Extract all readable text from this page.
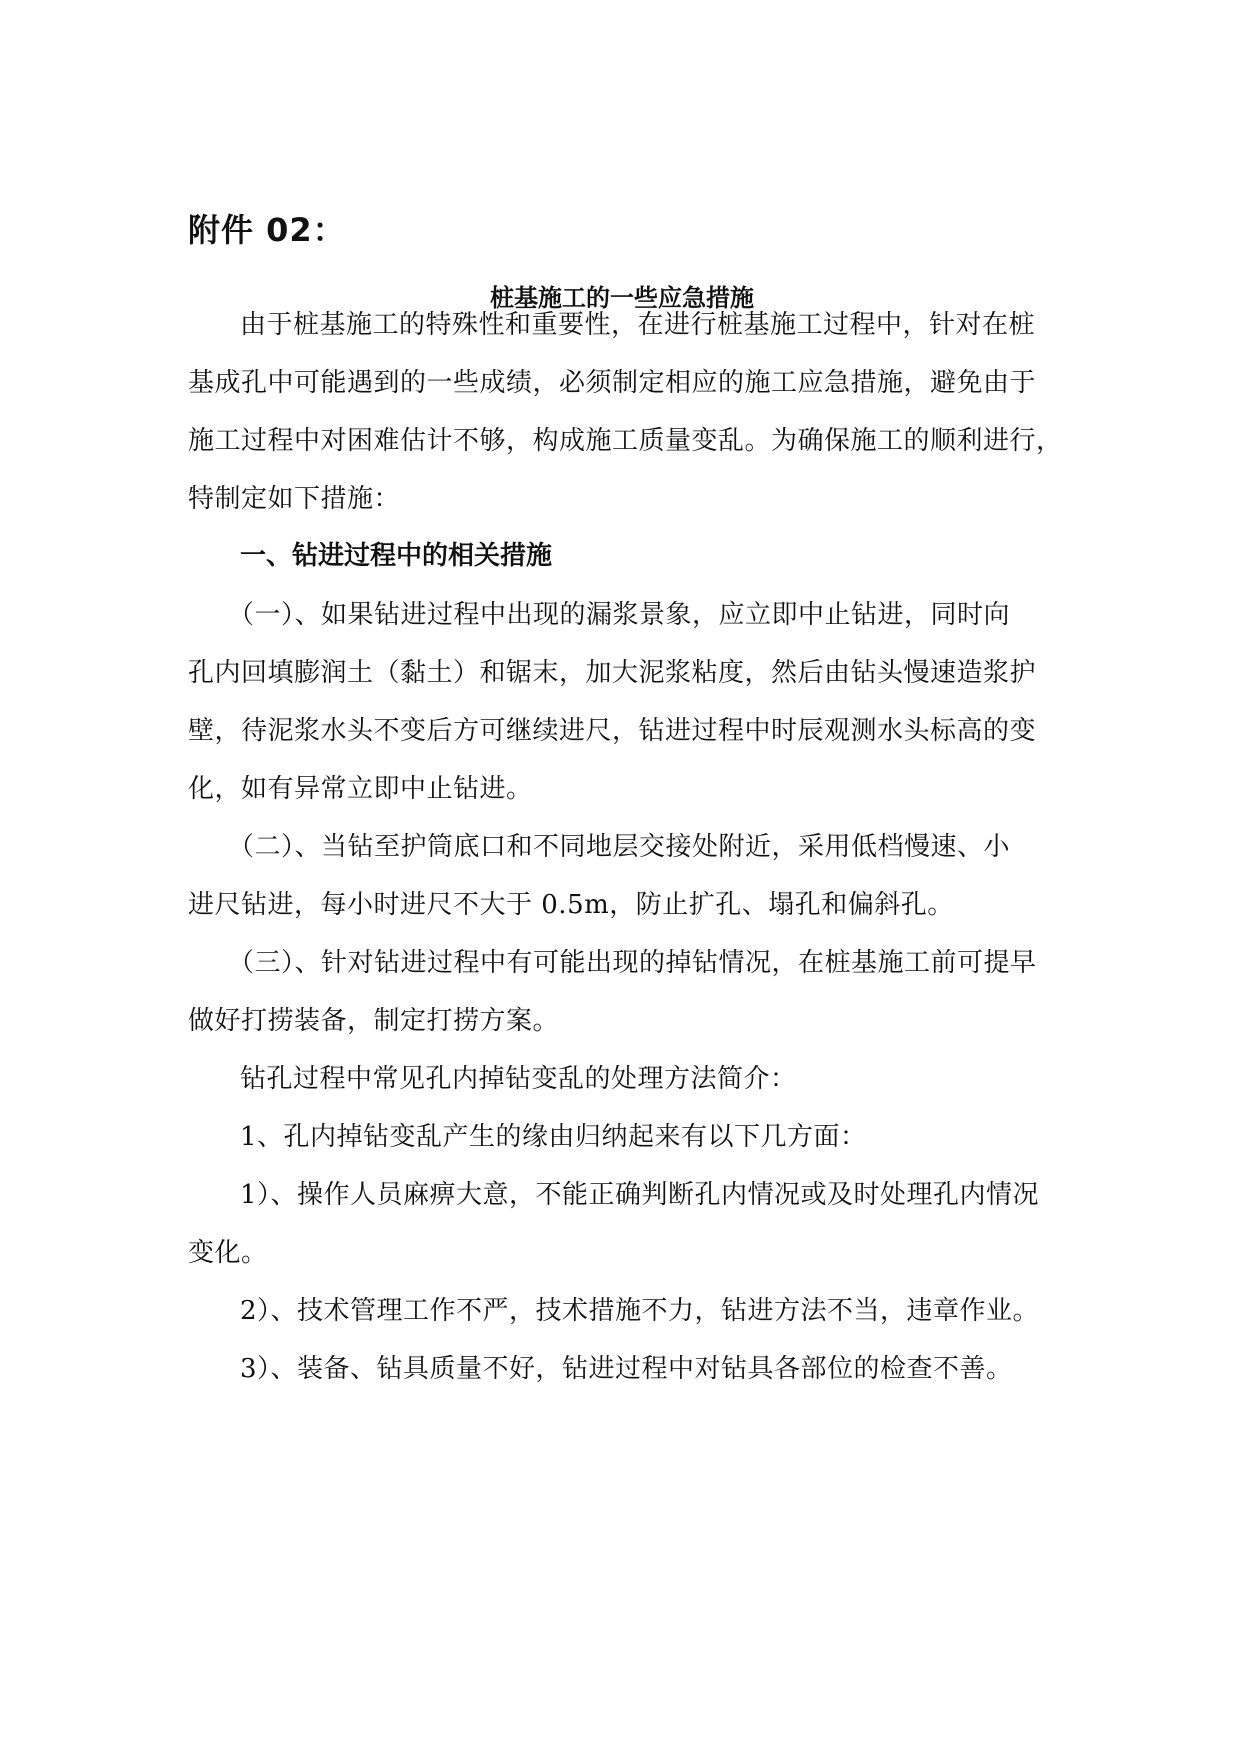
附件 02：
桩基施工的一些应急措施
由于桩基施工的特殊性和重要性，在进行桩基施工过程中，针对在桩
基成孔中可能遇到的一些成绩，必须制定相应的施工应急措施，避免由于
施工过程中对困难估计不够，构成施工质量变乱。为确保施工的顺利进行，
特制定如下措施：
一、钻进过程中的相关措施
（一）、如果钻进过程中出现的漏浆景象，应立即中止钻进，同时向
孔内回填膨润土（黏土）和锯末，加大泥浆粘度，然后由钻头慢速造浆护
壁，待泥浆水头不变后方可继续进尺，钻进过程中时辰观测水头标高的变
化，如有异常立即中止钻进。
（二）、当钻至护筒底口和不同地层交接处附近，采用低档慢速、小
进尺钻进，每小时进尺不大于 0.5m，防止扩孔、塌孔和偏斜孔。
（三）、针对钻进过程中有可能出现的掉钻情况，在桩基施工前可提早
做好打捞装备，制定打捞方案。
钻孔过程中常见孔内掉钻变乱的处理方法简介：
1、孔内掉钻变乱产生的缘由归纳起来有以下几方面：
1）、操作人员麻痹大意，不能正确判断孔内情况或及时处理孔内情况
变化。
2）、技术管理工作不严，技术措施不力，钻进方法不当，违章作业。
3）、装备、钻具质量不好，钻进过程中对钻具各部位的检查不善。
